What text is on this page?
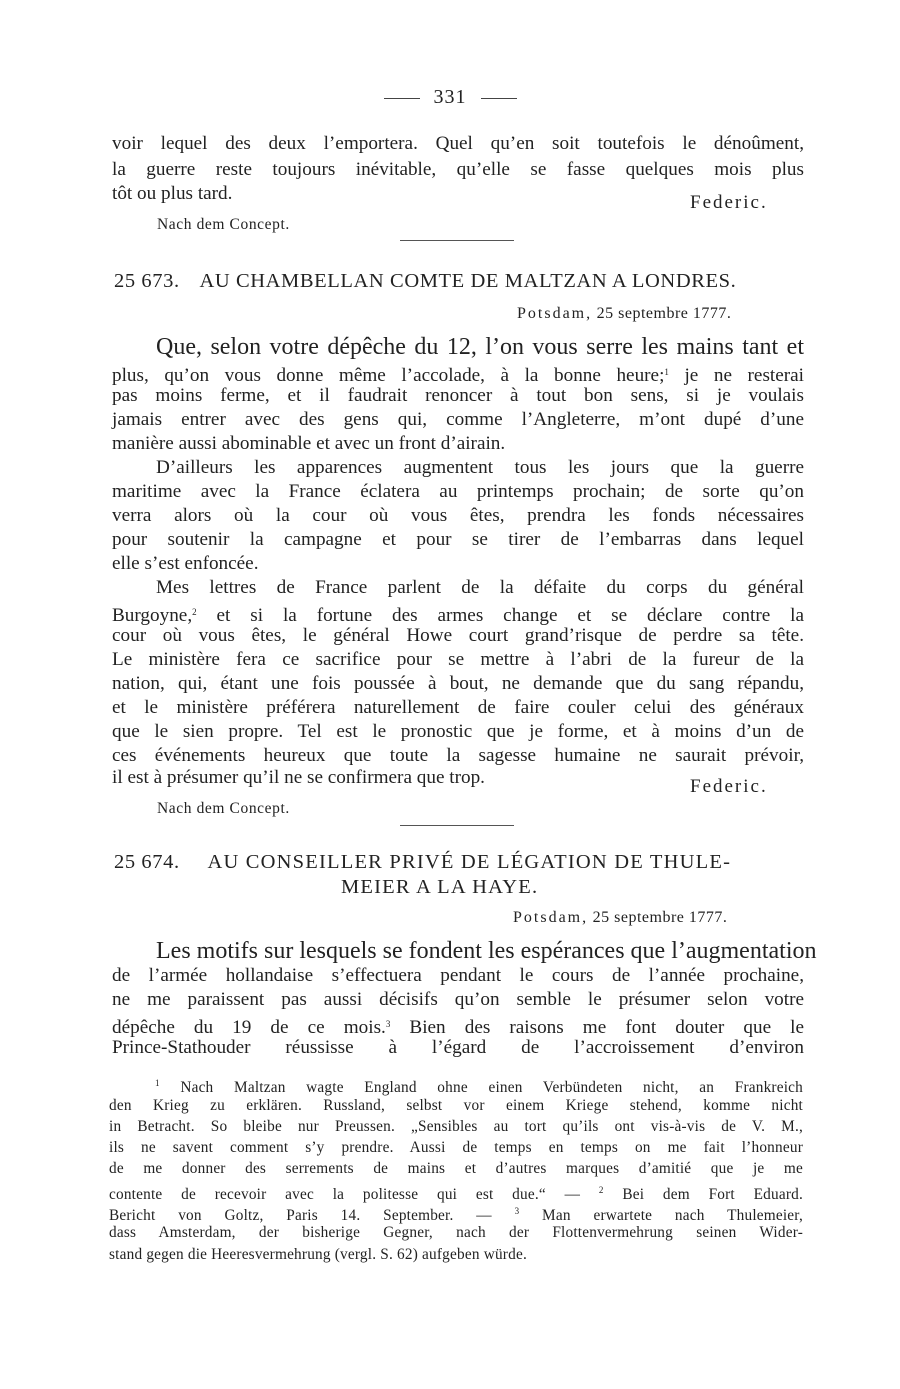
331
voir lequel des deux l’emportera. Quel qu’en soit toutefois le dénoûment,
la guerre reste toujours inévitable, qu’elle se fasse quelques mois plus
tôt ou plus tard.	Federic.
Nach dem Concept.
25 673. AU CHAMBELLAN COMTE DE MALTZAN A LONDRES.
Potsdam, 25 septembre 1777.
Que, selon votre dépêche du 12, l’on vous serre les mains tant et
plus, qu’on vous donne même l’accolade, à la bonne heure;$^1$ je ne resterai
pas moins ferme, et il faudrait renoncer à tout bon sens, si je voulais
jamais entrer avec des gens qui, comme l’Angleterre, m’ont dupé d’une
manière aussi abominable et avec un front d’airain.
D’ailleurs les apparences augmentent tous les jours que la guerre
maritime avec la France éclatera au printemps prochain; de sorte qu’on
verra alors où la cour où vous êtes, prendra les fonds nécessaires
pour soutenir la campagne et pour se tirer de l’embarras dans lequel
elle s’est enfoncée.
Mes lettres de France parlent de la défaite du corps du général
Burgoyne,$^2$ et si la fortune des armes change et se déclare contre la
cour où vous êtes, le général Howe court grand’risque de perdre sa tête.
Le ministère fera ce sacrifice pour se mettre à l’abri de la fureur de la
nation, qui, étant une fois poussée à bout, ne demande que du sang répandu,
et le ministère préférera naturellement de faire couler celui des généraux
que le sien propre. Tel est le pronostic que je forme, et à moins d’un de
ces événements heureux que toute la sagesse humaine ne saurait prévoir,
il est à présumer qu’il ne se confirmera que trop.	Federic.
Nach dem Concept.
25 674. AU CONSEILLER PRIVÉ DE LÉGATION DE THULE-
MEIER A LA HAYE.
Potsdam, 25 septembre 1777.
Les motifs sur lesquels se fondent les espérances que l’augmentation
de l’armée hollandaise s’effectuera pendant le cours de l’année prochaine,
ne me paraissent pas aussi décisifs qu’on semble le présumer selon votre
dépêche du 19 de ce mois.$^3$ Bien des raisons me font douter que le
Prince-Stathouder réussisse à l’égard de l’accroissement d’environ
$^1$ Nach Maltzan wagte England ohne einen Verbündeten nicht, an Frankreich
den Krieg zu erklären. Russland, selbst vor einem Kriege stehend, komme nicht
in Betracht. So bleibe nur Preussen. „Sensibles au tort qu’ils ont vis-à-vis de V. M.,
ils ne savent comment s’y prendre. Aussi de temps en temps on me fait l’honneur
de me donner des serrements de mains et d’autres marques d’amitié que je me
contente de recevoir avec la politesse qui est due.“ — $^2$ Bei dem Fort Eduard.
Bericht von Goltz, Paris 14. September. —	$^3$ Man erwartete nach Thulemeier,
dass Amsterdam, der bisherige Gegner, nach der Flottenvermehrung seinen Wider-
stand gegen die Heeresvermehrung (vergl. S. 62) aufgeben würde.
